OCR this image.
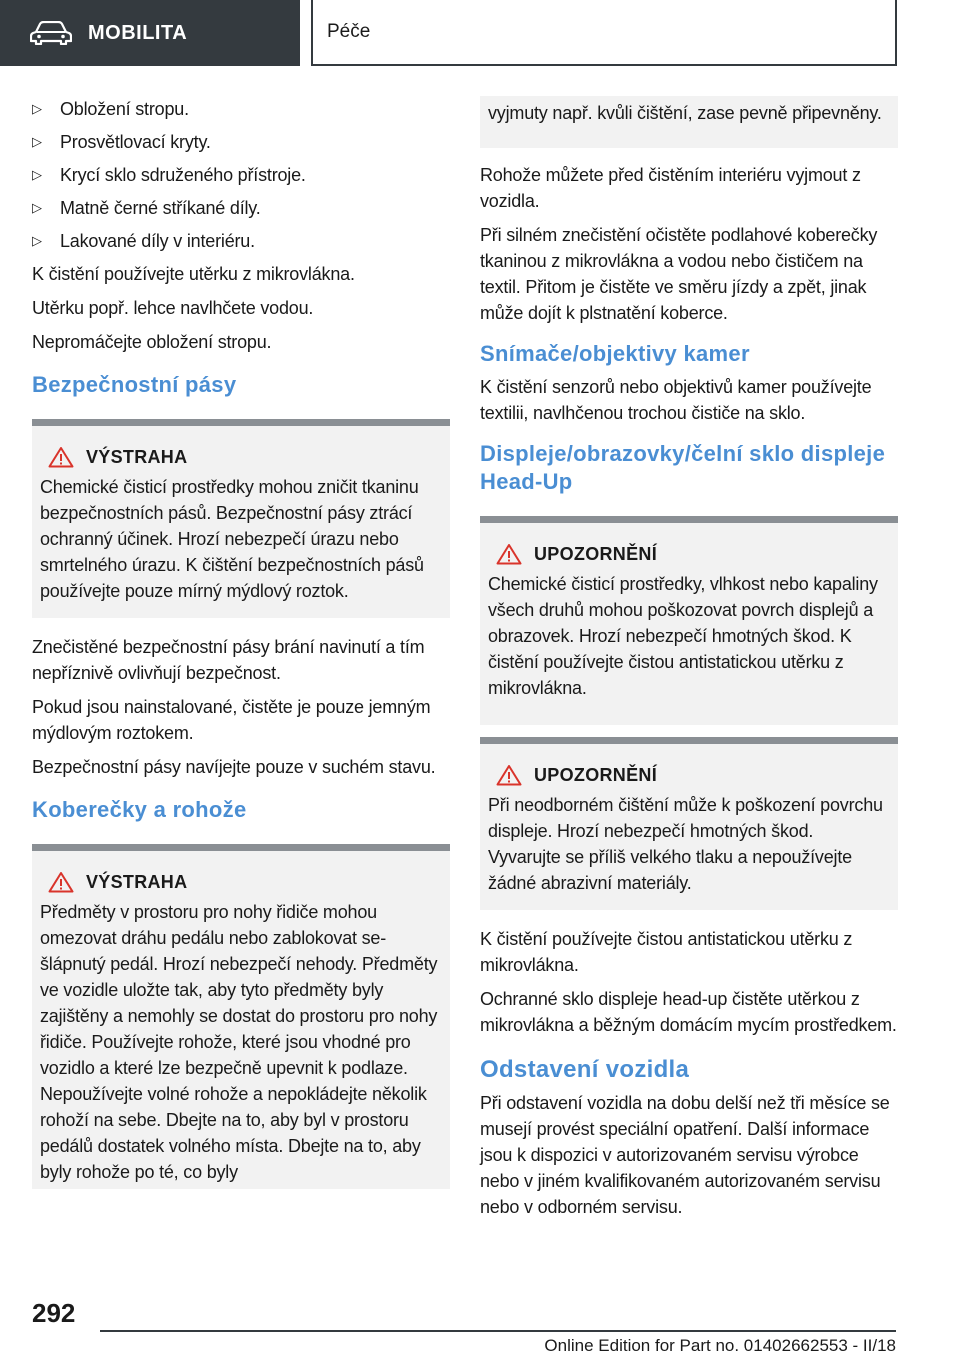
MOBILITA	Péče
▷	Obložení stropu.
▷	Prosvětlovací kryty.
▷	Krycí sklo sdruženého přístroje.
▷	Matně černé stříkané díly.
▷	Lakované díly v interiéru.

K čistění používejte utěrku z mikrovlákna.

Utěrku popř. lehce navlhčete vodou.

Nepromáčejte obložení stropu.

Bezpečnostní pásy
VÝSTRAHA
Chemické čisticí prostředky mohou zničit tkaninu bezpečnostních pásů. Bezpečnostní pásy ztrácí ochranný účinek. Hrozí nebezpečí úrazu nebo smrtelného úrazu. K čištění bezpečnostních pásů používejte pouze mírný mýdlový roztok.

Znečistěné bezpečnostní pásy brání navinutí a tím nepříznivě ovlivňují bezpečnost.

Pokud jsou nainstalované, čistěte je pouze jemným mýdlovým roztokem.

Bezpečnostní pásy navíjejte pouze v suchém stavu.

Koberečky a rohože
VÝSTRAHA
Předměty v prostoru pro nohy řidiče mohou omezovat dráhu pedálu nebo zablokovat sešlápnutý pedál. Hrozí nebezpečí nehody. Předměty ve vozidle uložte tak, aby tyto předměty byly zajištěny a nemohly se dostat do prostoru pro nohy řidiče. Používejte rohože, které jsou vhodné pro vozidlo a které lze bezpečně upevnit k podlaze. Nepoužívejte volné rohože a nepokládejte několik rohoží na sebe. Dbejte na to, aby byl v prostoru pedálů dostatek volného místa. Dbejte na to, aby byly rohože po té, co byly
vyjmuty např. kvůli čištění, zase pevně připevněny.

Rohože můžete před čistěním interiéru vyjmout z vozidla.

Při silném znečistění očistěte podlahové koberečky tkaninou z mikrovlákna a vodou nebo čističem na textil. Přitom je čistěte ve směru jízdy a zpět, jinak může dojít k plstnatění koberce.

Snímače/objektivy kamer

K čistění senzorů nebo objektivů kamer používejte textilii, navlhčenou trochou čističe na sklo.

Displeje/obrazovky/čelní sklo displeje Head-Up
UPOZORNĚNÍ
Chemické čisticí prostředky, vlhkost nebo kapaliny všech druhů mohou poškozovat povrch displejů a obrazovek. Hrozí nebezpečí hmotných škod. K čistění používejte čistou antistatickou utěrku z mikrovlákna.
UPOZORNĚNÍ
Při neodborném čištění může k poškození povrchu displeje. Hrozí nebezpečí hmotných škod. Vyvarujte se příliš velkého tlaku a nepoužívejte žádné abrazivní materiály.

K čistění používejte čistou antistatickou utěrku z mikrovlákna.

Ochranné sklo displeje head-up čistěte utěrkou z mikrovlákna a běžným domácím mycím prostředkem.

Odstavení vozidla

Při odstavení vozidla na dobu delší než tři měsíce se musejí provést speciální opatření. Další informace jsou k dispozici v autorizovaném servisu výrobce nebo v jiném kvalifikovaném autorizovaném servisu nebo v odborném servisu.

292
Online Edition for Part no. 01402662553 - II/18
